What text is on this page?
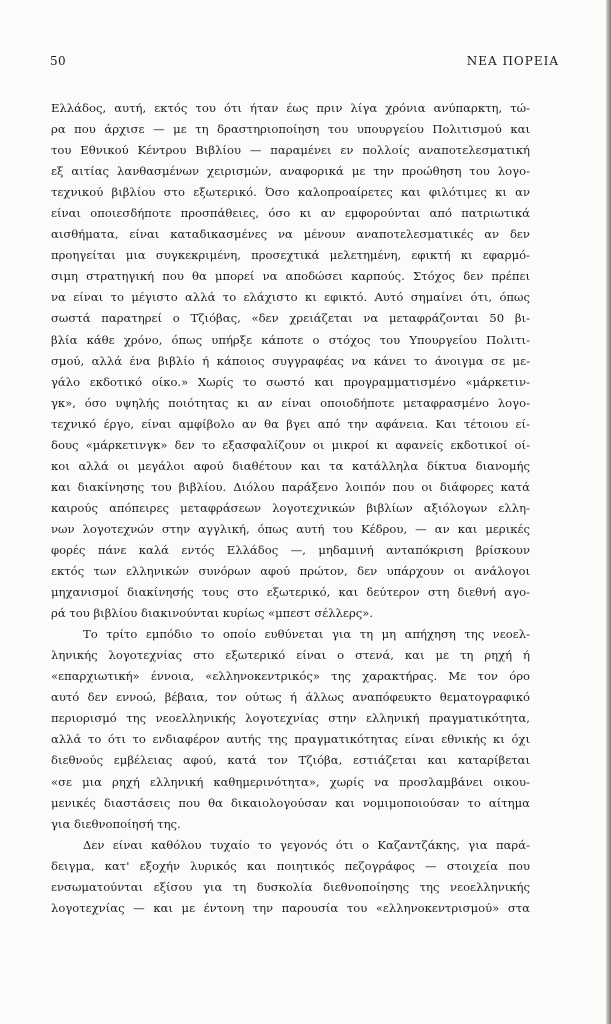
50	ΝΕΑ ΠΟΡΕΙΑ
Ελλάδος, αυτή, εκτός του ότι ήταν έως πριν λίγα χρόνια ανύπαρκτη, τώ-
ρα που άρχισε — με τη δραστηριοποίηση του υπουργείου Πολιτισμού και
του Εθνικού Κέντρου Βιβλίου — παραμένει εν πολλοίς αναποτελεσματική
εξ αιτίας λανθασμένων χειρισμών, αναφορικά με την προώθηση του λογο-
τεχνικού βιβλίου στο εξωτερικό. Όσο καλοπροαίρετες και φιλότιμες κι αν
είναι οποιεσδήποτε προσπάθειες, όσο κι αν εμφορούνται από πατριωτικά
αισθήματα, είναι καταδικασμένες να μένουν αναποτελεσματικές αν δεν
προηγείται μια συγκεκριμένη, προσεχτικά μελετημένη, εφικτή κι εφαρμό-
σιμη στρατηγική που θα μπορεί να αποδώσει καρπούς. Στόχος δεν πρέπει
να είναι το μέγιστο αλλά το ελάχιστο κι εφικτό. Αυτό σημαίνει ότι, όπως
σωστά παρατηρεί ο Τζιόβας, «δεν χρειάζεται να μεταφράζονται 50 βι-
βλία κάθε χρόνο, όπως υπήρξε κάποτε ο στόχος του Υπουργείου Πολιτι-
σμού, αλλά ένα βιβλίο ή κάποιος συγγραφέας να κάνει το άνοιγμα σε με-
γάλο εκδοτικό οίκο.» Χωρίς το σωστό και προγραμματισμένο «μάρκετιν-
γκ», όσο υψηλής ποιότητας κι αν είναι οποιοδήποτε μεταφρασμένο λογο-
τεχνικό έργο, είναι αμφίβολο αν θα βγει από την αφάνεια. Και τέτοιου εί-
δους «μάρκετινγκ» δεν το εξασφαλίζουν οι μικροί κι αφανείς εκδοτικοί οί-
κοι αλλά οι μεγάλοι αφού διαθέτουν και τα κατάλληλα δίκτυα διανομής
και διακίνησης του βιβλίου. Διόλου παράξενο λοιπόν που οι διάφορες κατά
καιρούς απόπειρες μεταφράσεων λογοτεχνικών βιβλίων αξιόλογων ελλη-
νων λογοτεχνών στην αγγλική, όπως αυτή του Κέδρου, — αν και μερικές
φορές πάνε καλά εντός Ελλάδος —, μηδαμινή ανταπόκριση βρίσκουν
εκτός των ελληνικών συνόρων αφού πρώτον, δεν υπάρχουν οι ανάλογοι
μηχανισμοί διακίνησής τους στο εξωτερικό, και δεύτερον στη διεθνή αγο-
ρά του βιβλίου διακινούνται κυρίως «μπεστ σέλλερς».
Το τρίτο εμπόδιο το οποίο ευθύνεται για τη μη απήχηση της νεοελ-
ληνικής λογοτεχνίας στο εξωτερικό είναι ο στενά, και με τη ρηχή ή
«επαρχιωτική» έννοια, «ελληνοκεντρικός» της χαρακτήρας. Με τον όρο
αυτό δεν εννοώ, βέβαια, τον ούτως ή άλλως αναπόφευκτο θεματογραφικό
περιορισμό της νεοελληνικής λογοτεχνίας στην ελληνική πραγματικότητα,
αλλά το ότι το ενδιαφέρον αυτής της πραγματικότητας είναι εθνικής κι όχι
διεθνούς εμβέλειας αφού, κατά τον Τζιόβα, εστιάζεται και καταρίβεται
«σε μια ρηχή ελληνική καθημερινότητα», χωρίς να προσλαμβάνει οικου-
μενικές διαστάσεις που θα δικαιολογούσαν και νομιμοποιούσαν το αίτημα
για διεθνοποίησή της.
Δεν είναι καθόλου τυχαίο το γεγονός ότι ο Καζαντζάκης, για παρά-
δειγμα, κατ' εξοχήν λυρικός και ποιητικός πεζογράφος — στοιχεία που
ενσωματούνται εξίσου για τη δυσκολία διεθνοποίησης της νεοελληνικής
λογοτεχνίας — και με έντονη την παρουσία του «ελληνοκεντρισμού» στα
